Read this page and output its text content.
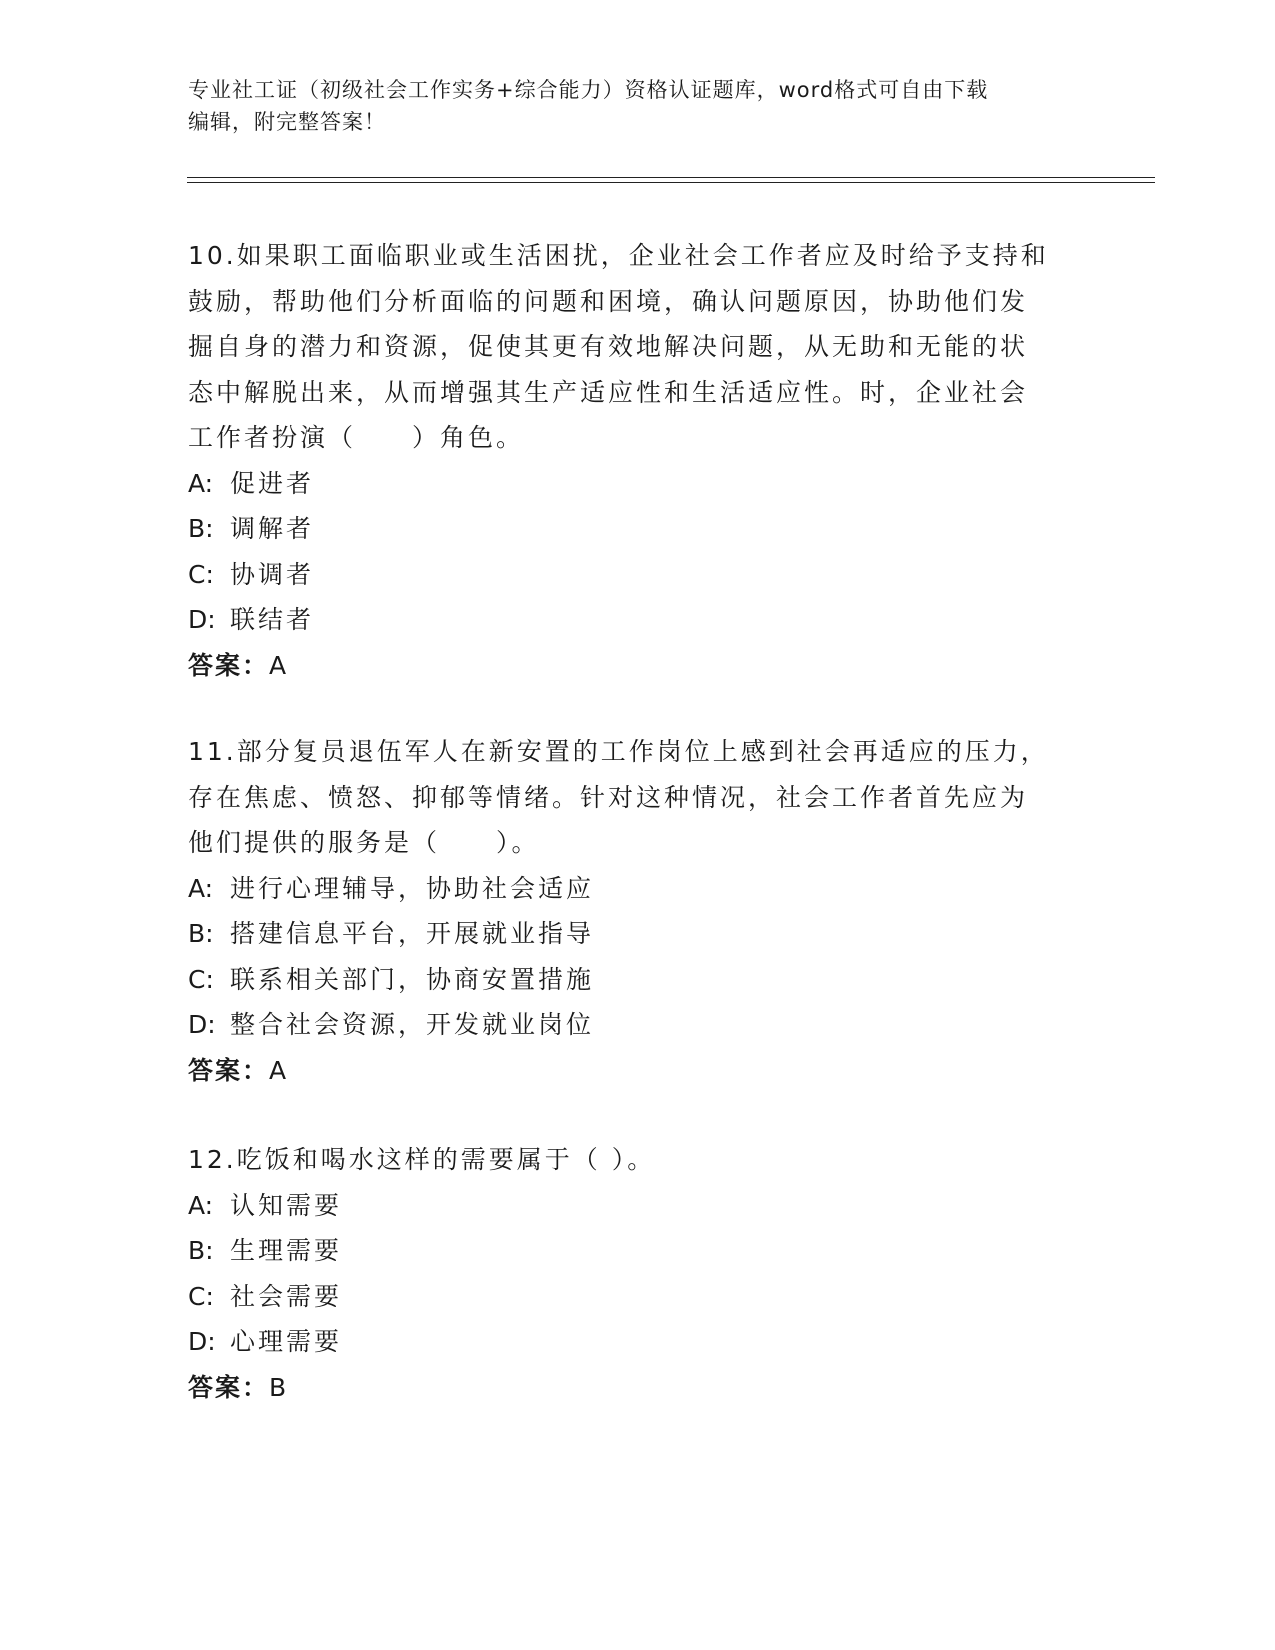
专业社工证（初级社会工作实务+综合能力）资格认证题库，word格式可自由下载
编辑，附完整答案！
10.如果职工面临职业或生活困扰，企业社会工作者应及时给予支持和
鼓励，帮助他们分析面临的问题和困境，确认问题原因，协助他们发
掘自身的潜力和资源，促使其更有效地解决问题，从无助和无能的状
态中解脱出来，从而增强其生产适应性和生活适应性。时，企业社会
工作者扮演（　　）角色。
A: 促进者
B: 调解者
C: 协调者
D: 联结者
答案：A
11.部分复员退伍军人在新安置的工作岗位上感到社会再适应的压力，
存在焦虑、愤怒、抑郁等情绪。针对这种情况，社会工作者首先应为
他们提供的服务是（　　）。
A: 进行心理辅导，协助社会适应
B: 搭建信息平台，开展就业指导
C: 联系相关部门，协商安置措施
D: 整合社会资源，开发就业岗位
答案：A
12.吃饭和喝水这样的需要属于（ ）。
A: 认知需要
B: 生理需要
C: 社会需要
D: 心理需要
答案：B
